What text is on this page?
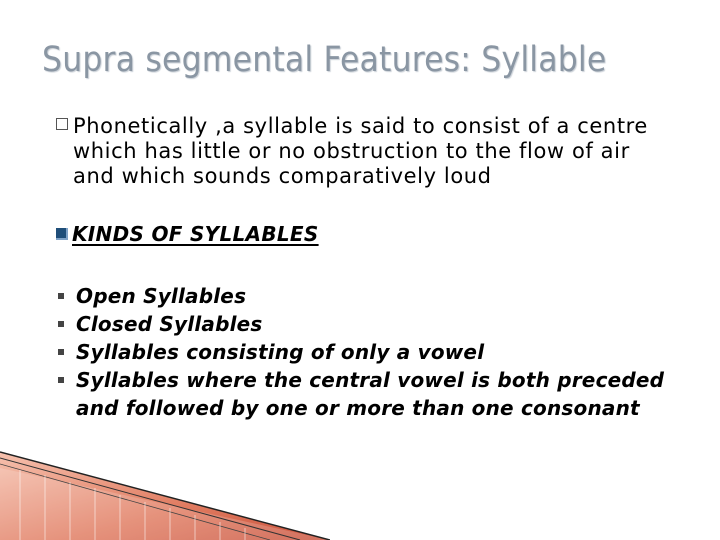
Supra segmental Features: Syllable
Phonetically ,a syllable is said to consist of a centre which has little or no obstruction to the flow of air and which sounds comparatively loud
KINDS OF SYLLABLES
Open Syllables
Closed Syllables
Syllables consisting of only a vowel
Syllables where the central vowel is both preceded and followed by one or more than one consonant
